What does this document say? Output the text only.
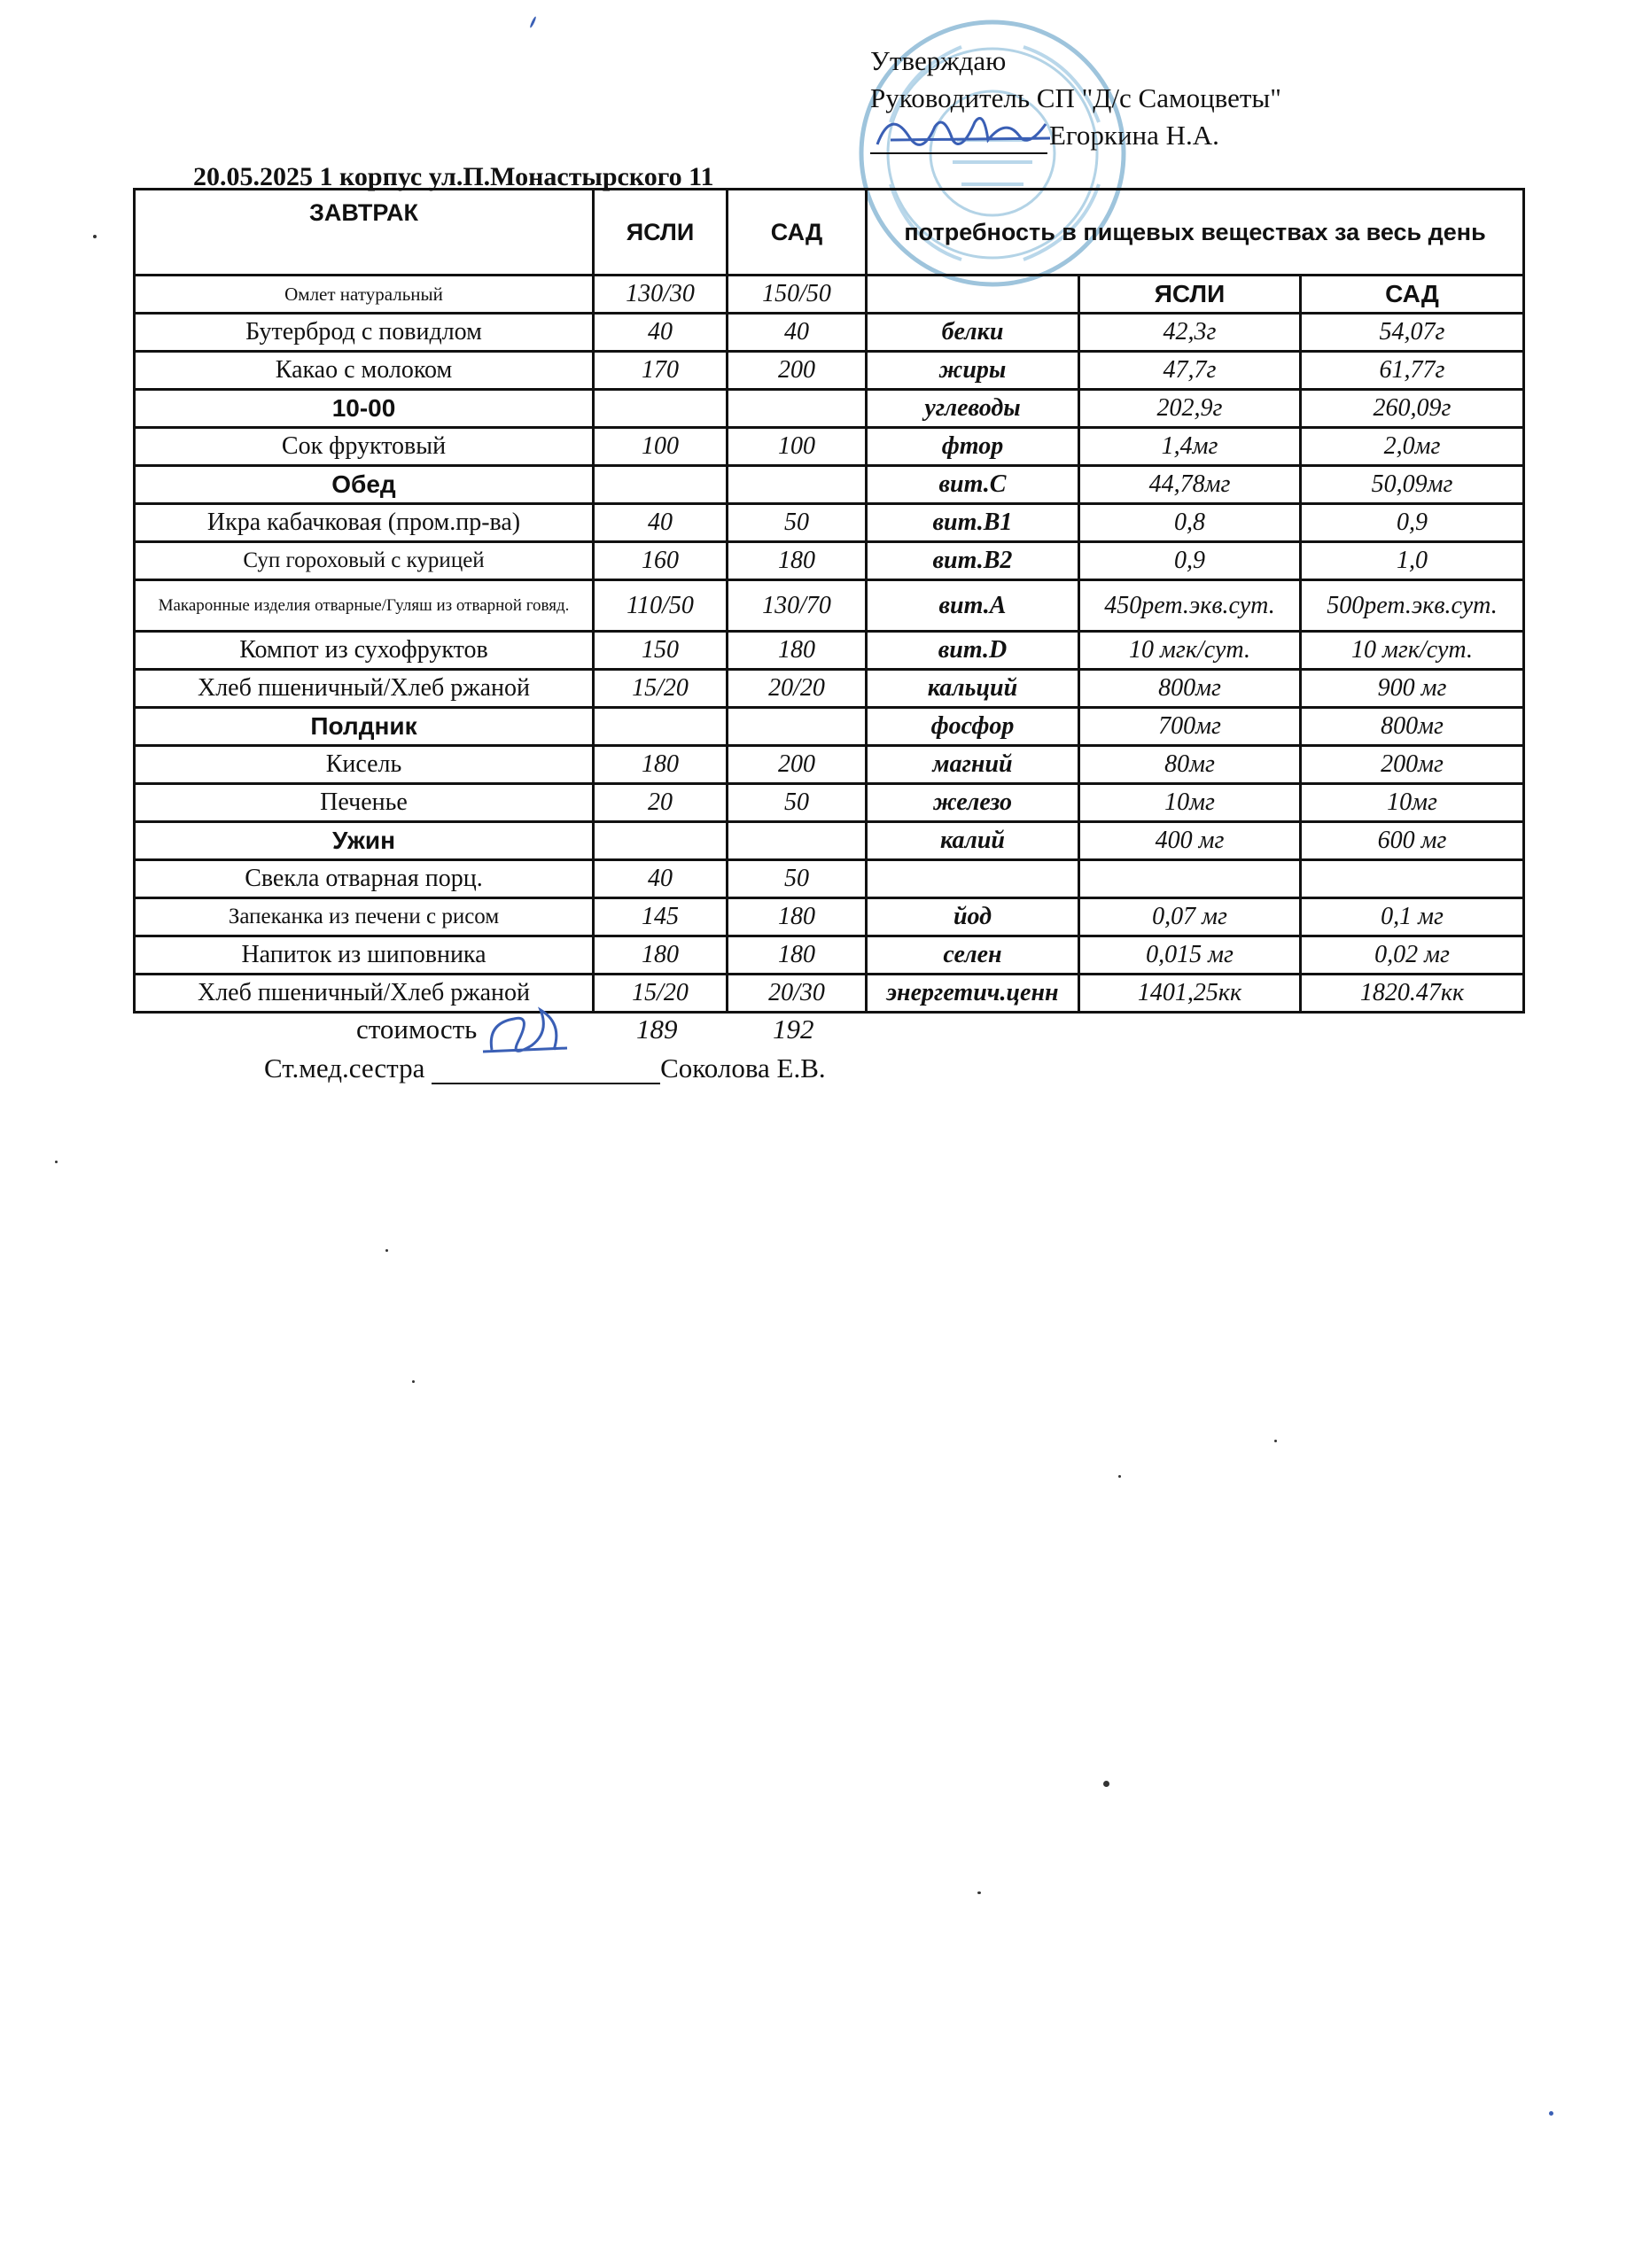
Утверждаю
Руководитель СП "Д/с Самоцветы"
Егоркина Н.А.
20.05.2025 1 корпус ул.П.Монастырского 11
ЗАВТРАК	ЯСЛИ	САД	потребность в пищевых веществах за весь день		
Омлет натуральный	130/30	150/50		ЯСЛИ	САД
Бутерброд с повидлом	40	40	белки	42,3г	54,07г
Какао с молоком	170	200	жиры	47,7г	61,77г
10-00			углеводы	202,9г	260,09г
Сок фруктовый	100	100	фтор	1,4мг	2,0мг
Обед			вит.С	44,78мг	50,09мг
Икра кабачковая (пром.пр-ва)	40	50	вит.В1	0,8	0,9
Суп гороховый с курицей	160	180	вит.В2	0,9	1,0
Макаронные изделия отварные/Гуляш из отварной говяд.	110/50	130/70	вит.А	450рет.экв.сут.	500рет.экв.сут.
Компот из сухофруктов	150	180	вит.D	10 мгк/сут.	10 мгк/сут.
Хлеб пшеничный/Хлеб ржаной	15/20	20/20	кальций	800мг	900 мг
Полдник			фосфор	700мг	800мг
Кисель	180	200	магний	80мг	200мг
Печенье	20	50	железо	10мг	10мг
Ужин			калий	400 мг	600 мг
Свекла отварная порц.	40	50			
Запеканка из печени с рисом	145	180	йод	0,07 мг	0,1 мг
Напиток из шиповника	180	180	селен	0,015 мг	0,02 мг
Хлеб пшеничный/Хлеб ржаной	15/20	20/30	энергетич.ценн	1401,25кк	1820.47кк
стоимость	189	192
Ст.мед.сестра	Соколова Е.В.
